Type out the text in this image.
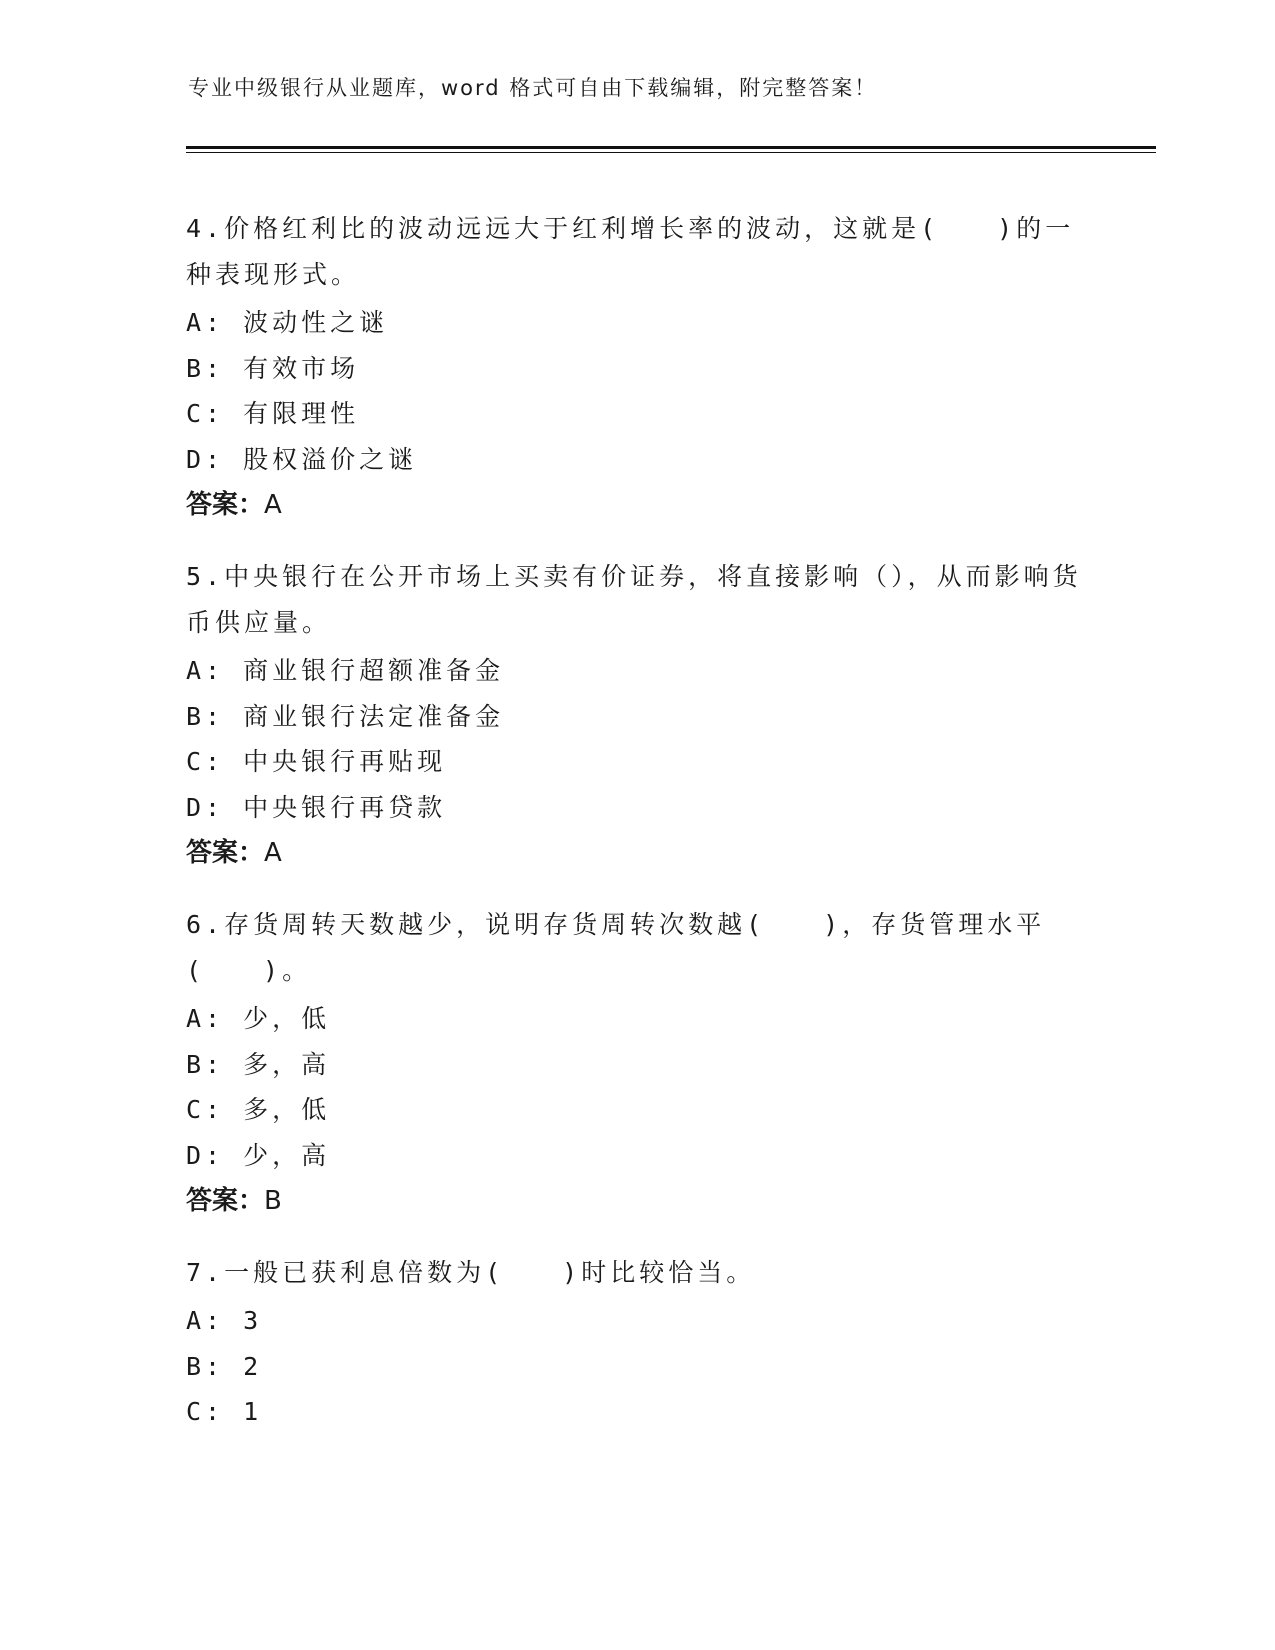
专业中级银行从业题库，word 格式可自由下载编辑，附完整答案！
4.价格红利比的波动远远大于红利增长率的波动，这就是(　　)的一种表现形式。
A: 波动性之谜
B: 有效市场
C: 有限理性
D: 股权溢价之谜
答案：A
5.中央银行在公开市场上买卖有价证券，将直接影响（），从而影响货币供应量。
A: 商业银行超额准备金
B: 商业银行法定准备金
C: 中央银行再贴现
D: 中央银行再贷款
答案：A
6.存货周转天数越少，说明存货周转次数越(　　)，存货管理水平(　　)。
A: 少，低
B: 多，高
C: 多，低
D: 少，高
答案：B
7.一般已获利息倍数为(　　)时比较恰当。
A: 3
B: 2
C: 1
